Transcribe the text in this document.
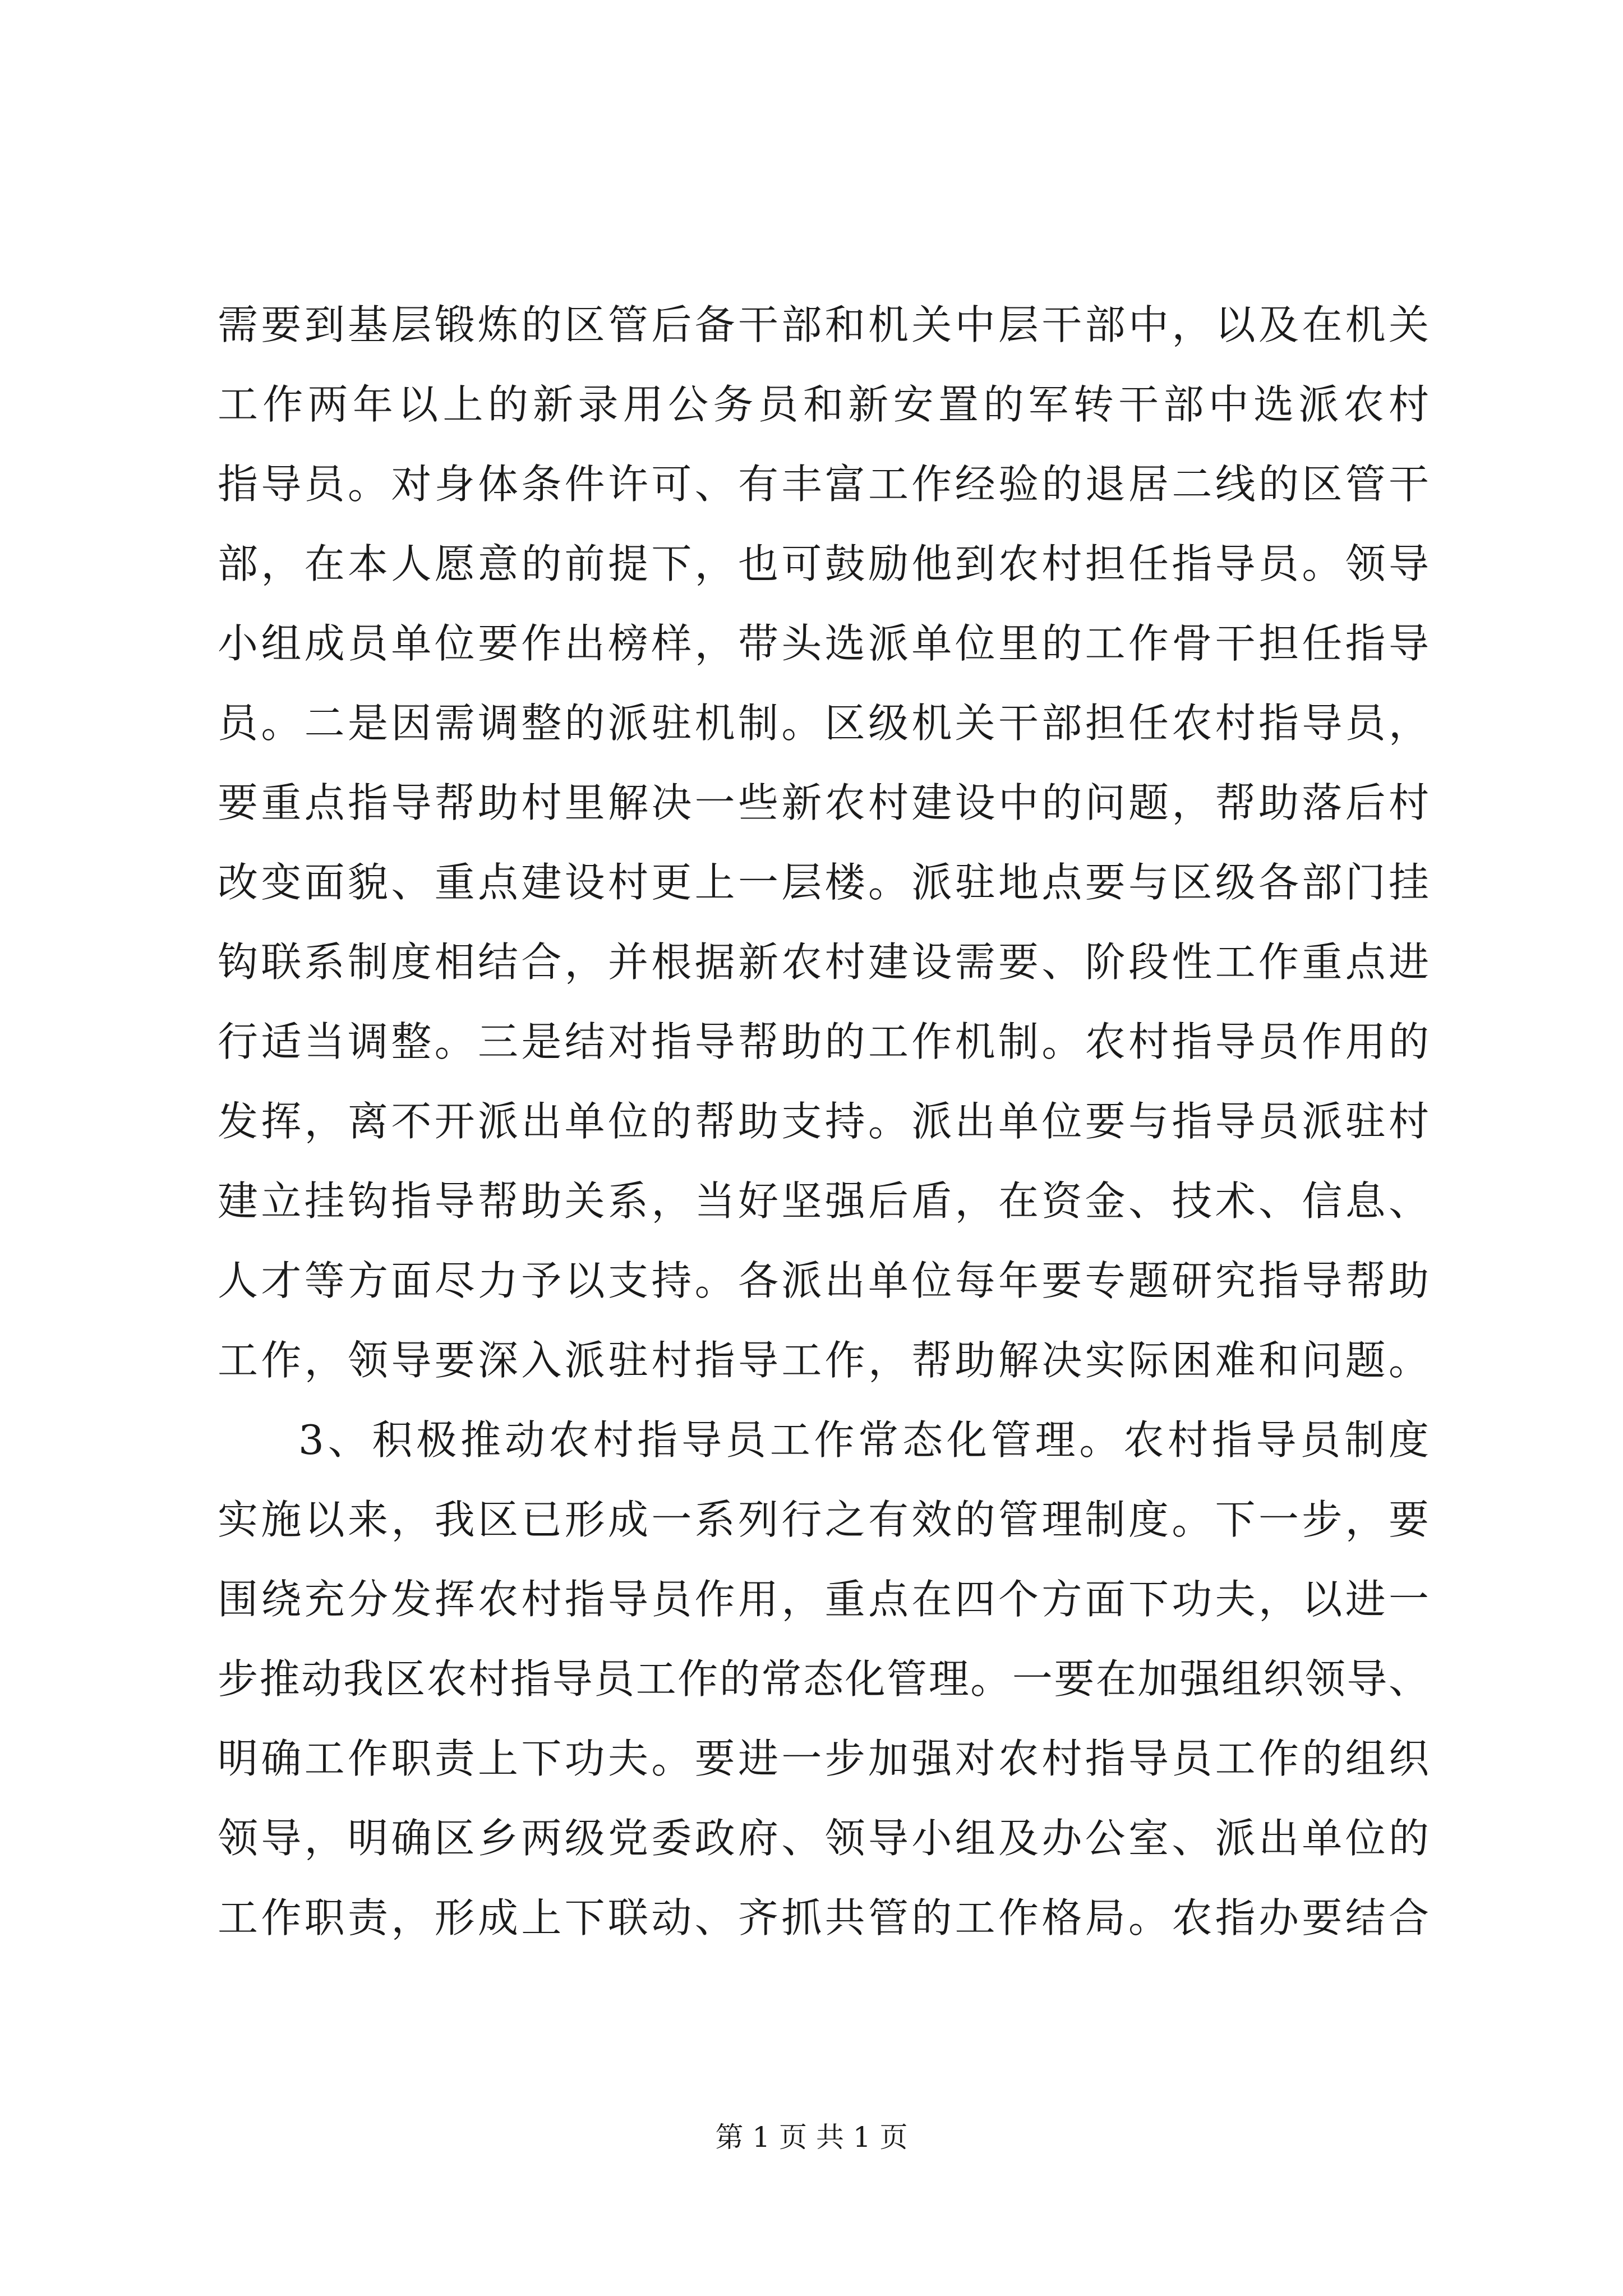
需要到基层锻炼的区管后备干部和机关中层干部中，以及在机关
工作两年以上的新录用公务员和新安置的军转干部中选派农村
指导员。对身体条件许可、有丰富工作经验的退居二线的区管干
部，在本人愿意的前提下，也可鼓励他到农村担任指导员。领导
小组成员单位要作出榜样，带头选派单位里的工作骨干担任指导
员。二是因需调整的派驻机制。区级机关干部担任农村指导员，
要重点指导帮助村里解决一些新农村建设中的问题，帮助落后村
改变面貌、重点建设村更上一层楼。派驻地点要与区级各部门挂
钩联系制度相结合，并根据新农村建设需要、阶段性工作重点进
行适当调整。三是结对指导帮助的工作机制。农村指导员作用的
发挥，离不开派出单位的帮助支持。派出单位要与指导员派驻村
建立挂钩指导帮助关系，当好坚强后盾，在资金、技术、信息、
人才等方面尽力予以支持。各派出单位每年要专题研究指导帮助
工作，领导要深入派驻村指导工作，帮助解决实际困难和问题。
3、积极推动农村指导员工作常态化管理。农村指导员制度
实施以来，我区已形成一系列行之有效的管理制度。下一步，要
围绕充分发挥农村指导员作用，重点在四个方面下功夫，以进一
步推动我区农村指导员工作的常态化管理。一要在加强组织领导、
明确工作职责上下功夫。要进一步加强对农村指导员工作的组织
领导，明确区乡两级党委政府、领导小组及办公室、派出单位的
工作职责，形成上下联动、齐抓共管的工作格局。农指办要结合
第 1 页 共 1 页
